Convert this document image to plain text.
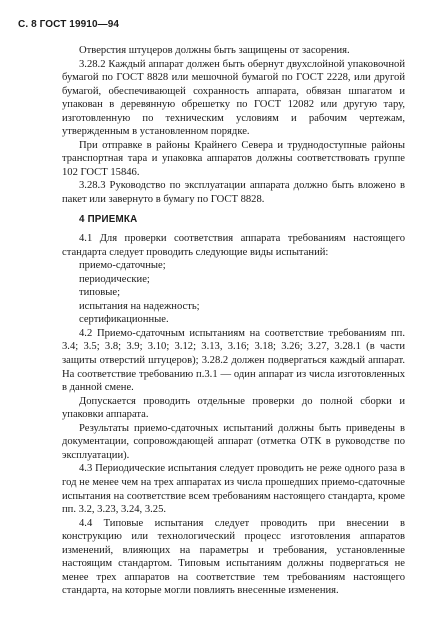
С. 8 ГОСТ 19910—94

Отверстия штуцеров должны быть защищены от засорения.

3.28.2 Каждый аппарат должен быть обернут двухслойной упаковочной бумагой по ГОСТ 8828 или мешочной бумагой по ГОСТ 2228, или другой бумагой, обеспечивающей сохранность аппарата, обвязан шпагатом и упакован в деревянную обрешетку по ГОСТ 12082 или другую тару, изготовленную по техническим условиям и рабочим чертежам, утвержденным в установленном порядке.

При отправке в районы Крайнего Севера и труднодоступные районы транспортная тара и упаковка аппаратов должны соответствовать группе 102 ГОСТ 15846.

3.28.3 Руководство по эксплуатации аппарата должно быть вложено в пакет или завернуто в бумагу по ГОСТ 8828.

4 ПРИЕМКА

4.1 Для проверки соответствия аппарата требованиям настоящего стандарта следует проводить следующие виды испытаний:

приемо-сдаточные;
периодические;
типовые;
испытания на надежность;
сертификационные.

4.2 Приемо-сдаточным испытаниям на соответствие требованиям пп. 3.4; 3.5; 3.8; 3.9; 3.10; 3.12; 3.13, 3.16; 3.18; 3.26; 3.27, 3.28.1 (в части защиты отверстий штуцеров); 3.28.2 должен подвергаться каждый аппарат. На соответствие требованию п.3.1 — один аппарат из числа изготовленных в данной смене.

Допускается проводить отдельные проверки до полной сборки и упаковки аппарата.

Результаты приемо-сдаточных испытаний должны быть приведены в документации, сопровождающей аппарат (отметка ОТК в руководстве по эксплуатации).

4.3 Периодические испытания следует проводить не реже одного раза в год не менее чем на трех аппаратах из числа прошедших приемо-сдаточные испытания на соответствие всем требованиям настоящего стандарта, кроме пп. 3.2, 3.23, 3.24, 3.25.

4.4 Типовые испытания следует проводить при внесении в конструкцию или технологический процесс изготовления аппаратов изменений, влияющих на параметры и требования, установленные настоящим стандартом. Типовым испытаниям должны подвергаться не менее трех аппаратов на соответствие тем требованиям настоящего стандарта, на которые могли повлиять внесенные изменения.
